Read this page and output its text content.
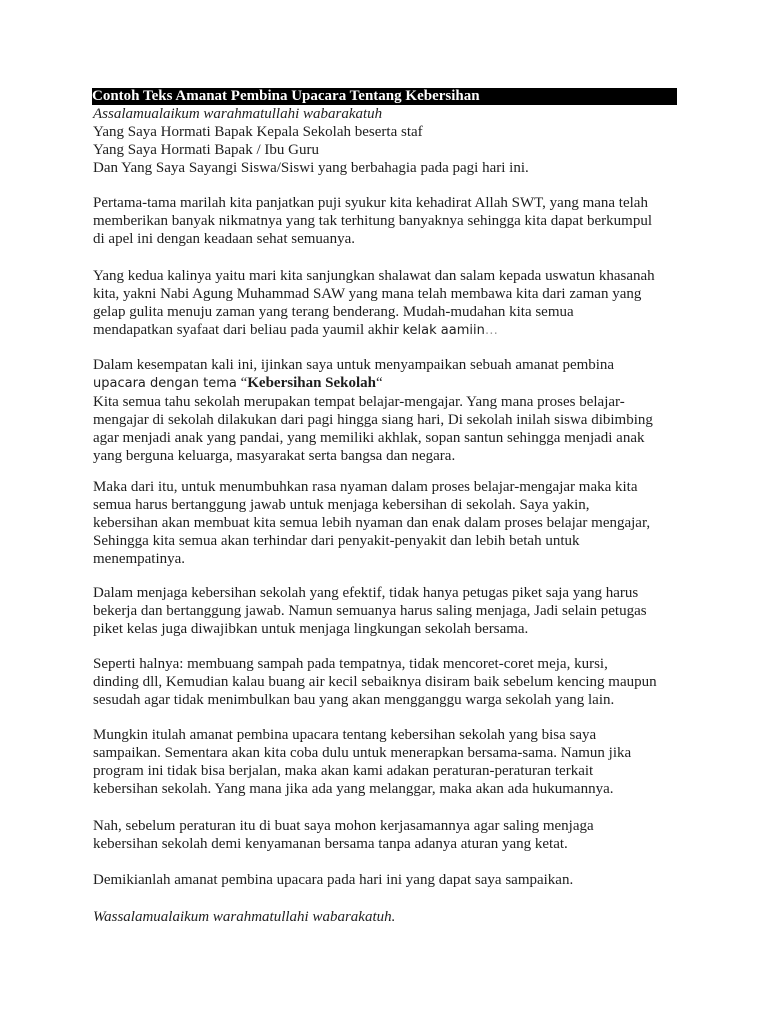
Contoh Teks Amanat Pembina Upacara Tentang Kebersihan
Assalamualaikum warahmatullahi wabarakatuh
Yang Saya Hormati Bapak Kepala Sekolah beserta staf
Yang Saya Hormati Bapak / Ibu Guru
Dan Yang Saya Sayangi Siswa/Siswi yang berbahagia pada pagi hari ini.
Pertama-tama marilah kita panjatkan puji syukur kita kehadirat Allah SWT, yang mana telah
memberikan banyak nikmatnya yang tak terhitung banyaknya sehingga kita dapat berkumpul
di apel ini dengan keadaan sehat semuanya.
Yang kedua kalinya yaitu mari kita sanjungkan shalawat dan salam kepada uswatun khasanah
kita, yakni Nabi Agung Muhammad SAW yang mana telah membawa kita dari zaman yang
gelap gulita menuju zaman yang terang benderang. Mudah-mudahan kita semua
mendapatkan syafaat dari beliau pada yaumil akhir kelak aamiin…
Dalam kesempatan kali ini, ijinkan saya untuk menyampaikan sebuah amanat pembina
upacara dengan tema “Kebersihan Sekolah“
Kita semua tahu sekolah merupakan tempat belajar-mengajar. Yang mana proses belajar-
mengajar di sekolah dilakukan dari pagi hingga siang hari, Di sekolah inilah siswa dibimbing
agar menjadi anak yang pandai, yang memiliki akhlak, sopan santun sehingga menjadi anak
yang berguna keluarga, masyarakat serta bangsa dan negara.
Maka dari itu, untuk menumbuhkan rasa nyaman dalam proses belajar-mengajar maka kita
semua harus bertanggung jawab untuk menjaga kebersihan di sekolah. Saya yakin,
kebersihan akan membuat kita semua lebih nyaman dan enak dalam proses belajar mengajar,
Sehingga kita semua akan terhindar dari penyakit-penyakit dan lebih betah untuk
menempatinya.
Dalam menjaga kebersihan sekolah yang efektif, tidak hanya petugas piket saja yang harus
bekerja dan bertanggung jawab. Namun semuanya harus saling menjaga, Jadi selain petugas
piket kelas juga diwajibkan untuk menjaga lingkungan sekolah bersama.
Seperti halnya: membuang sampah pada tempatnya, tidak mencoret-coret meja, kursi,
dinding dll, Kemudian kalau buang air kecil sebaiknya disiram baik sebelum kencing maupun
sesudah agar tidak menimbulkan bau yang akan mengganggu warga sekolah yang lain.
Mungkin itulah amanat pembina upacara tentang kebersihan sekolah yang bisa saya
sampaikan. Sementara akan kita coba dulu untuk menerapkan bersama-sama. Namun jika
program ini tidak bisa berjalan, maka akan kami adakan peraturan-peraturan terkait
kebersihan sekolah. Yang mana jika ada yang melanggar, maka akan ada hukumannya.
Nah, sebelum peraturan itu di buat saya mohon kerjasamannya agar saling menjaga
kebersihan sekolah demi kenyamanan bersama tanpa adanya aturan yang ketat.
Demikianlah amanat pembina upacara pada hari ini yang dapat saya sampaikan.
Wassalamualaikum warahmatullahi wabarakatuh.
